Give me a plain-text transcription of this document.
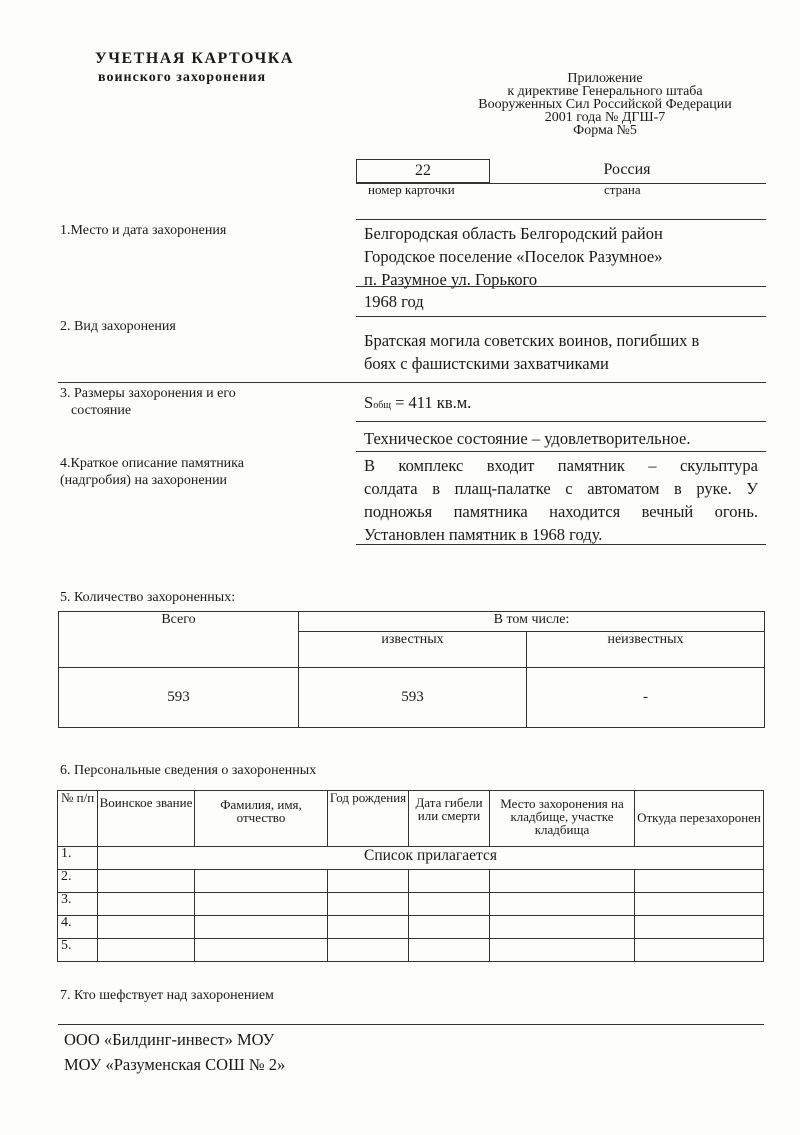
УЧЕТНАЯ КАРТОЧКА
воинского захоронения	Приложение
к директиве Генерального штаба
Вооруженных Сил Российской Федерации
2001 года № ДГШ-7
Форма №5
22
номер карточки
Россия
страна
1.Место и дата захоронения	Белгородская область Белгородский район
Городское поселение «Поселок Разумное»
п. Разумное ул. Горького
1968 год
2. Вид захоронения
Братская могила советских воинов, погибших в
боях с фашистскими захватчиками
3. Размеры захоронения и его
состояние	Sобщ = 411 кв.м.
Техническое состояние – удовлетворительное.
4.Краткое описание памятника
(надгробия) на захоронении
В комплекс входит памятник – скульптура
солдата в плащ-палатке с автоматом в руке. У
подножья памятника находится вечный огонь.
Установлен памятник в 1968 году.
5. Количество захороненных:
Всего	В том числе:	
	известных	неизвестных
593	593	-
6. Персональные сведения о захороненных
№ п/п	Воинское звание	Фамилия, имя, отчество	Год рождения	Дата гибели или смерти	Место захоронения на кладбище, участке кладбища	Откуда перезахоронен
1.	Список прилагается					
2.						
3.						
4.						
5.						
7. Кто шефствует над захоронением
ООО «Билдинг-инвест» МОУ
МОУ «Разуменская СОШ № 2»
